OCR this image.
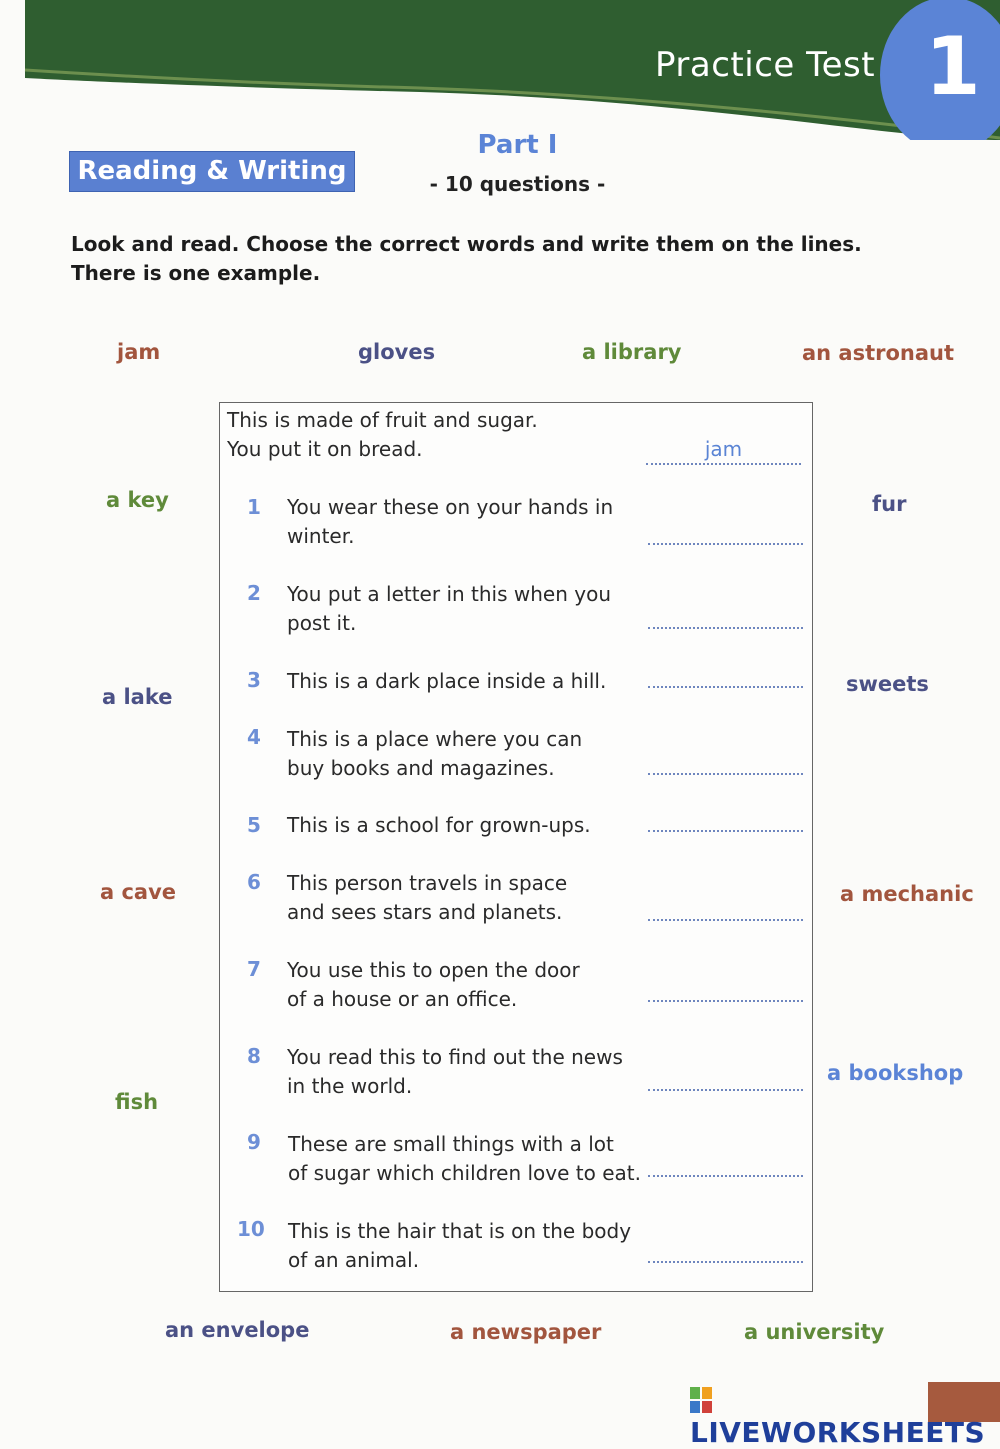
Practice Test 1
Reading & Writing
Part I
- 10 questions -
Look and read. Choose the correct words and write them on the lines.
There is one example.
jam	gloves	a library	an astronaut
a key	fur
a lake
sweets
a cave	a mechanic
fish
a bookshop
an envelope	a newspaper	a university
This is made of fruit and sugar.
You put it on bread.	jam
1 You wear these on your hands in
winter.
2 You put a letter in this when you
post it.
3 This is a dark place inside a hill.
4 This is a place where you can
buy books and magazines.
5 This is a school for grown-ups.
6 This person travels in space
and sees stars and planets.
7 You use this to open the door
of a house or an office.
8 You read this to find out the news
in the world.
9 These are small things with a lot
of sugar which children love to eat.
10 This is the hair that is on the body
of an animal.
LIVEWORKSHEETS
